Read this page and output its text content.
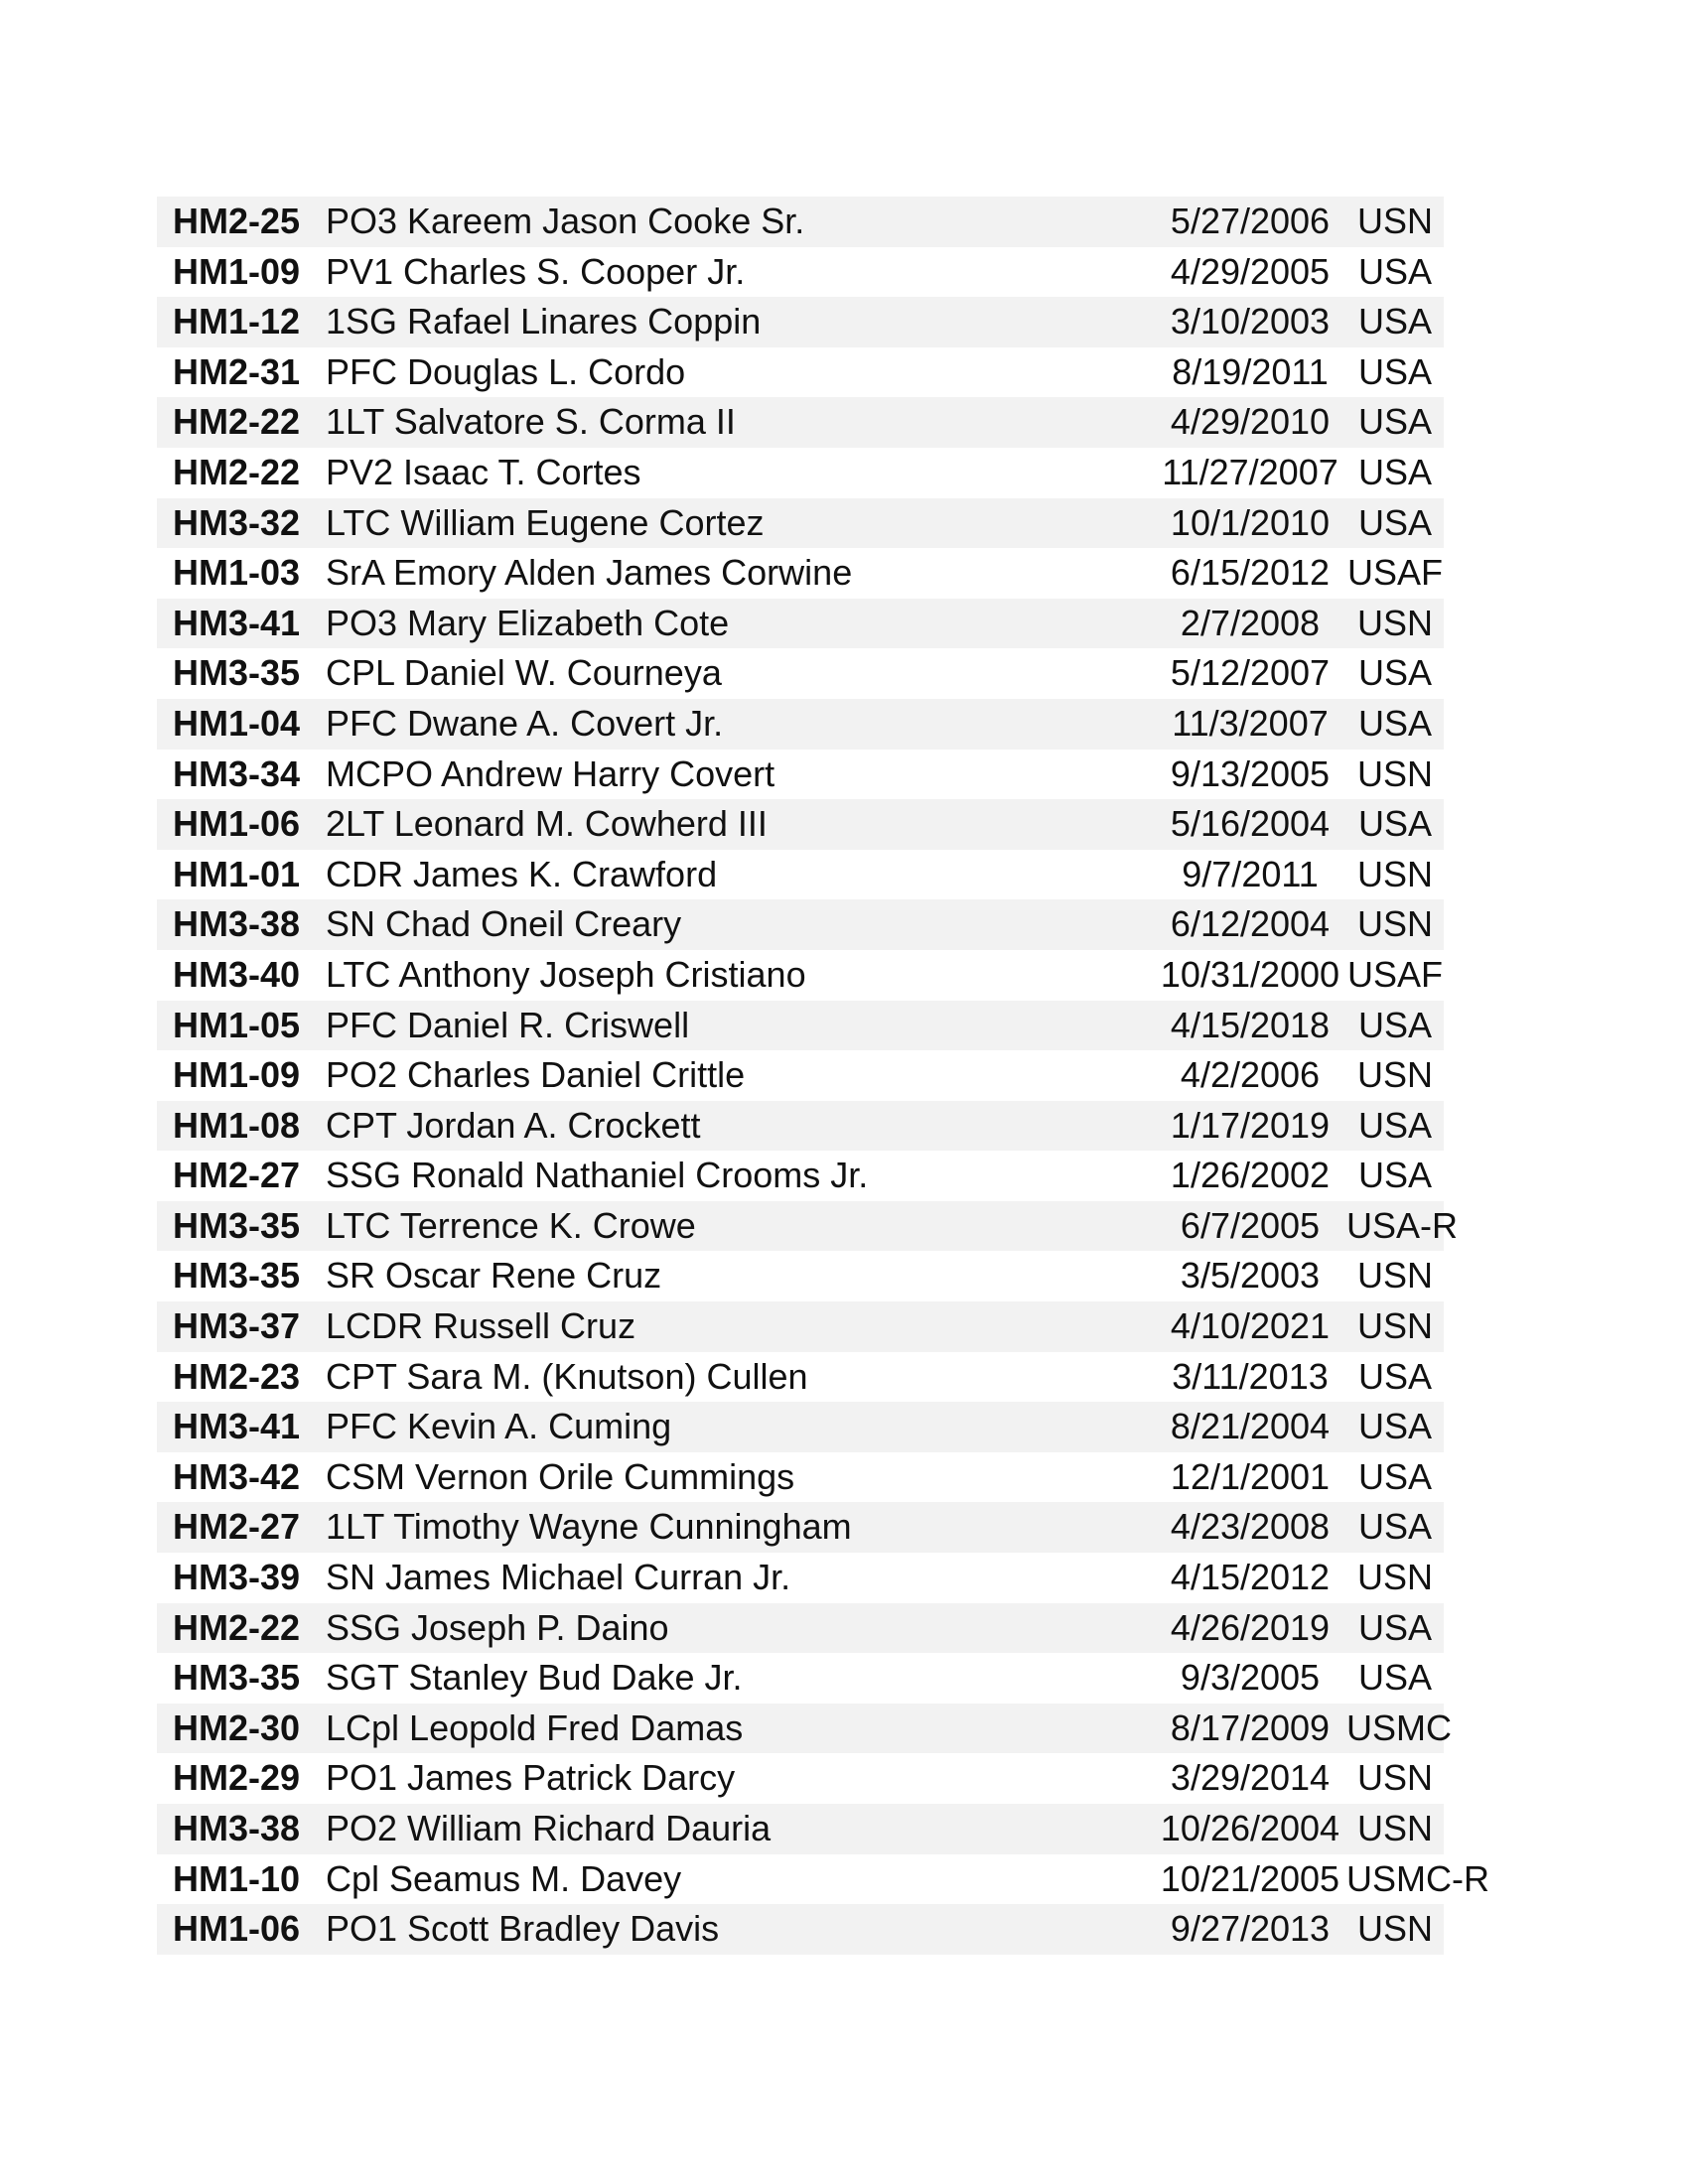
HM2-25 PO3 Kareem Jason Cooke Sr.	5/27/2006 USN
HM1-09 PV1 Charles S. Cooper Jr.	4/29/2005 USA
HM1-12 1SG Rafael Linares Coppin	3/10/2003 USA
HM2-31 PFC Douglas L. Cordo	8/19/2011 USA
HM2-22 1LT Salvatore S. Corma II	4/29/2010 USA
HM2-22 PV2 Isaac T. Cortes	11/27/2007 USA
HM3-32 LTC William Eugene Cortez	10/1/2010 USA
HM1-03 SrA Emory Alden James Corwine	6/15/2012 USAF
HM3-41 PO3 Mary Elizabeth Cote	2/7/2008	USN
HM3-35 CPL Daniel W. Courneya	5/12/2007 USA
HM1-04 PFC Dwane A. Covert Jr.	11/3/2007 USA
HM3-34 MCPO Andrew Harry Covert	9/13/2005 USN
HM1-06 2LT Leonard M. Cowherd III	5/16/2004 USA
HM1-01 CDR James K. Crawford	9/7/2011	USN
HM3-38 SN Chad Oneil Creary	6/12/2004 USN
HM3-40 LTC Anthony Joseph Cristiano	10/31/2000 USAF
HM1-05 PFC Daniel R. Criswell	4/15/2018 USA
HM1-09 PO2 Charles Daniel Crittle	4/2/2006	USN
HM1-08 CPT Jordan A. Crockett	1/17/2019 USA
HM2-27 SSG Ronald Nathaniel Crooms Jr.	1/26/2002 USA
HM3-35 LTC Terrence K. Crowe	6/7/2005 USA-R
HM3-35 SR Oscar Rene Cruz	3/5/2003	USN
HM3-37 LCDR Russell Cruz	4/10/2021 USN
HM2-23 CPT Sara M. (Knutson) Cullen	3/11/2013 USA
HM3-41 PFC Kevin A. Cuming	8/21/2004 USA
HM3-42 CSM Vernon Orile Cummings	12/1/2001 USA
HM2-27 1LT Timothy Wayne Cunningham	4/23/2008 USA
HM3-39 SN James Michael Curran Jr.	4/15/2012 USN
HM2-22 SSG Joseph P. Daino	4/26/2019 USA
HM3-35 SGT Stanley Bud Dake Jr.	9/3/2005	USA
HM2-30 LCpl Leopold Fred Damas	8/17/2009 USMC
HM2-29 PO1 James Patrick Darcy	3/29/2014 USN
HM3-38 PO2 William Richard Dauria	10/26/2004 USN
HM1-10 Cpl Seamus M. Davey	10/21/2005 USMC-R
HM1-06 PO1 Scott Bradley Davis	9/27/2013 USN
